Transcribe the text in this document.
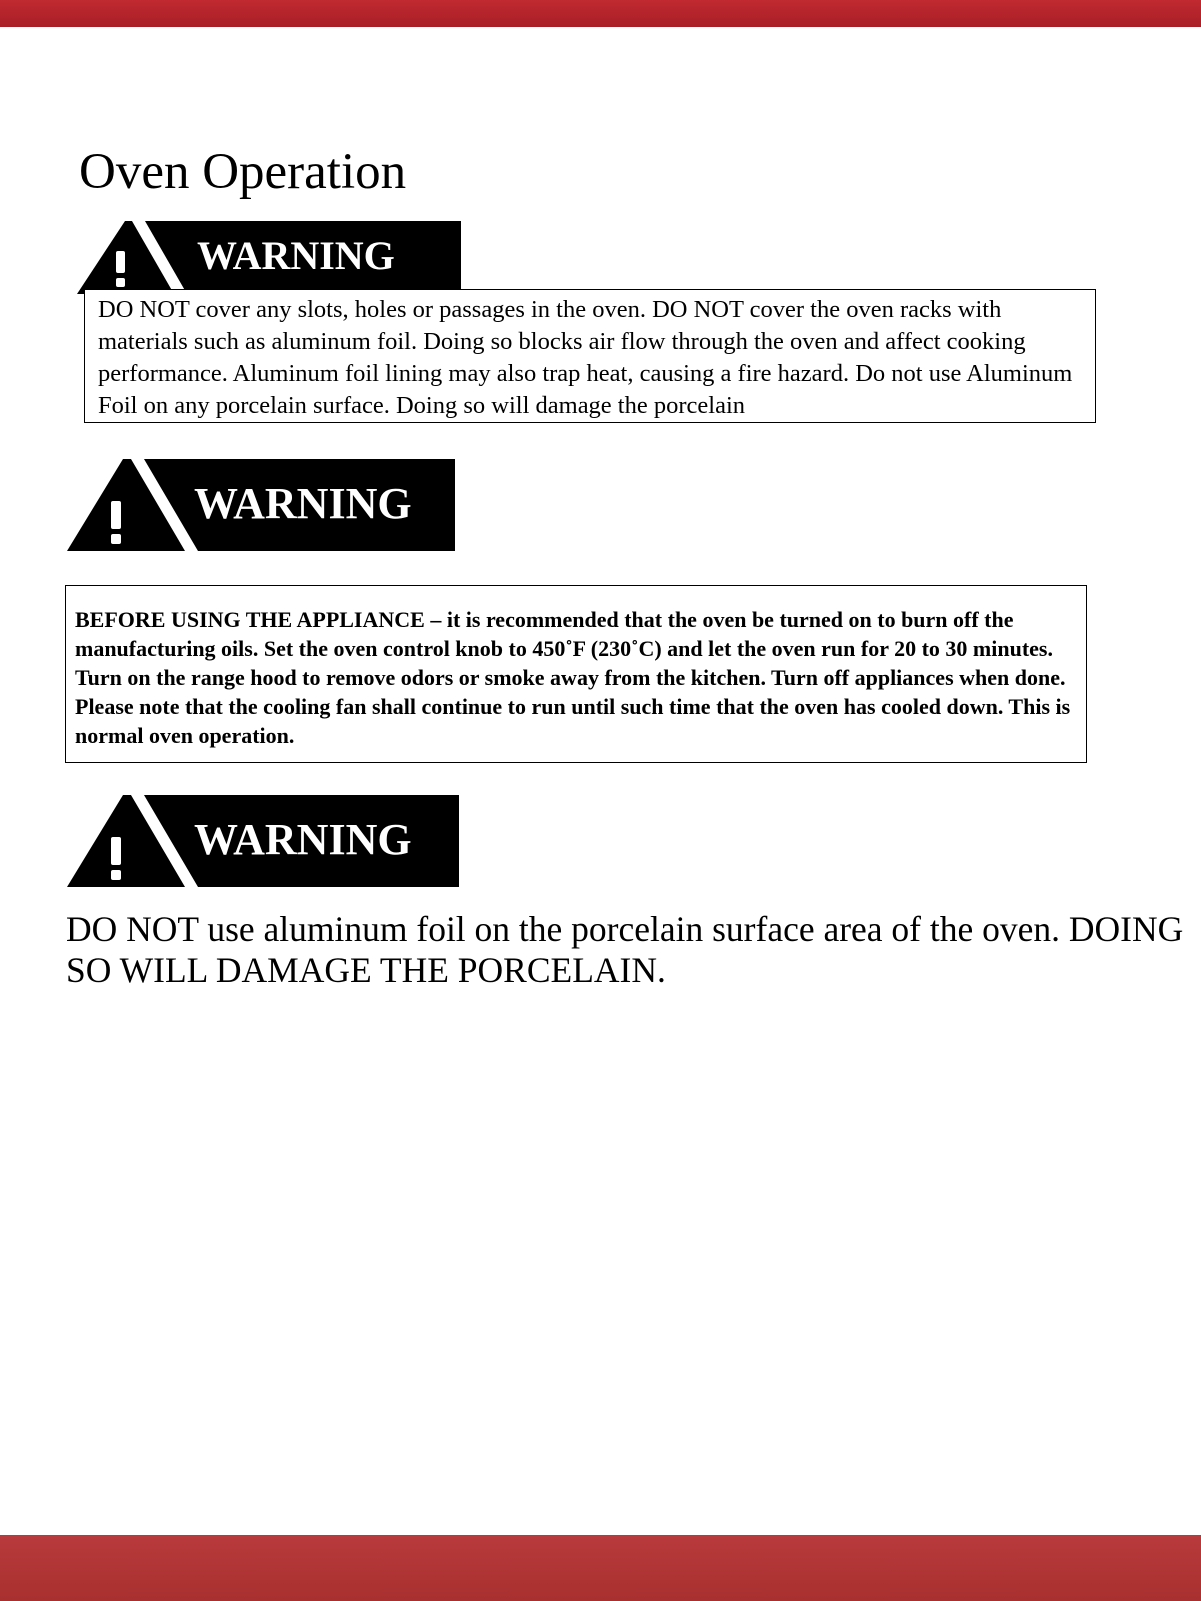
Oven Operation
WARNING

DO NOT cover any slots, holes or passages in the oven. DO NOT cover the oven racks with materials such as aluminum foil. Doing so blocks air flow through the oven and affect cooking performance. Aluminum foil lining may also trap heat, causing a fire hazard. Do not use Aluminum Foil on any porcelain surface. Doing so will damage the porcelain

WARNING

BEFORE USING THE APPLIANCE – it is recommended that the oven be turned on to burn off the manufacturing oils. Set the oven control knob to 450˚F (230˚C) and let the oven run for 20 to 30 minutes. Turn on the range hood to remove odors or smoke away from the kitchen. Turn off appliances when done. Please note that the cooling fan shall continue to run until such time that the oven has cooled down. This is normal oven operation.

WARNING

DO NOT use aluminum foil on the porcelain surface area of the oven. DOING SO WILL DAMAGE THE PORCELAIN.
